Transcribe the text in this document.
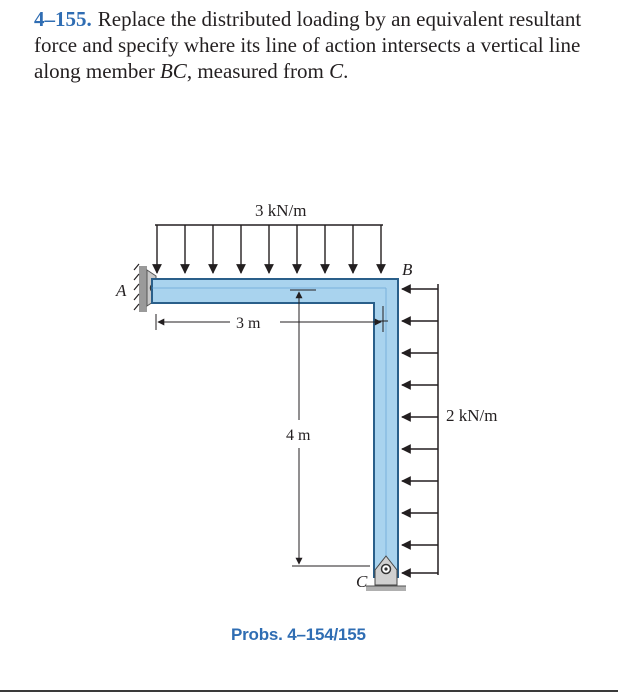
4–155. Replace the distributed loading by an equivalent resultant force and specify where its line of action intersects a vertical line along member BC, measured from C.

3 kN/m
2 kN/m
3 m
4 m
A
B
C
Probs. 4–154/155
